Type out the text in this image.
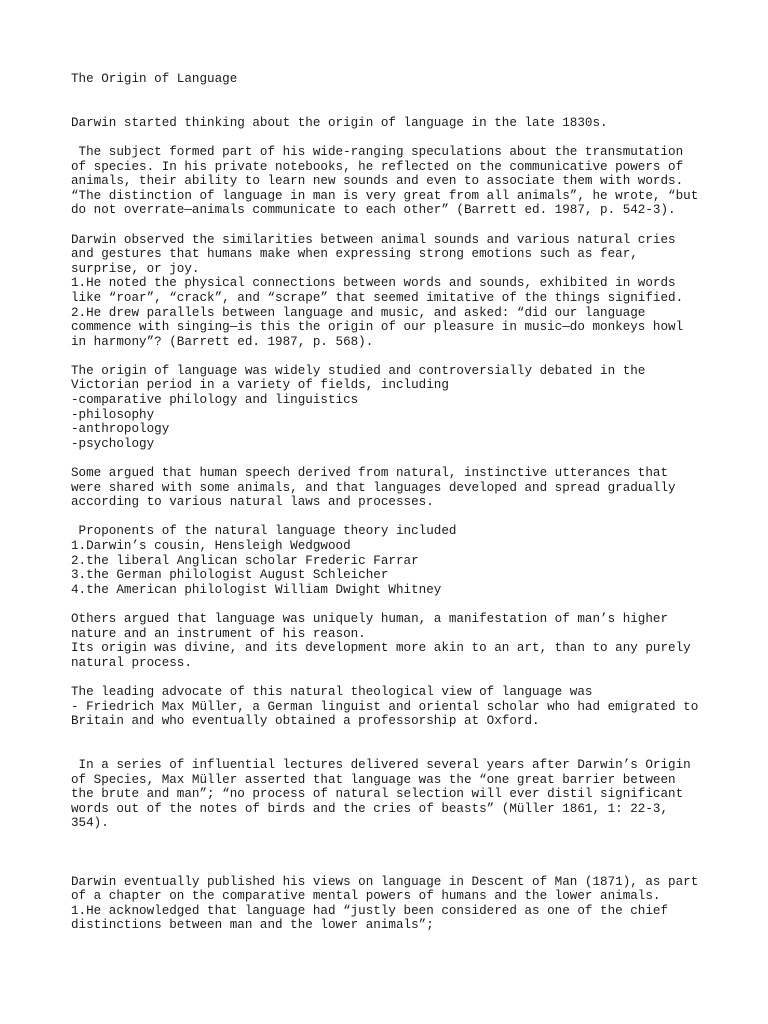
The Origin of Language
Darwin started thinking about the origin of language in the late 1830s.
The subject formed part of his wide-ranging speculations about the transmutation
of species. In his private notebooks, he reflected on the communicative powers of
animals, their ability to learn new sounds and even to associate them with words.
“The distinction of language in man is very great from all animals”, he wrote, “but
do not overrate—animals communicate to each other” (Barrett ed. 1987, p. 542-3).
Darwin observed the similarities between animal sounds and various natural cries
and gestures that humans make when expressing strong emotions such as fear,
surprise, or joy.
1.He noted the physical connections between words and sounds, exhibited in words
like “roar”, “crack”, and “scrape” that seemed imitative of the things signified.
2.He drew parallels between language and music, and asked: “did our language
commence with singing—is this the origin of our pleasure in music—do monkeys howl
in harmony”? (Barrett ed. 1987, p. 568).
The origin of language was widely studied and controversially debated in the
Victorian period in a variety of fields, including
-comparative philology and linguistics
-philosophy
-anthropology
-psychology
Some argued that human speech derived from natural, instinctive utterances that
were shared with some animals, and that languages developed and spread gradually
according to various natural laws and processes.
Proponents of the natural language theory included
1.Darwin’s cousin, Hensleigh Wedgwood
2.the liberal Anglican scholar Frederic Farrar
3.the German philologist August Schleicher
4.the American philologist William Dwight Whitney
Others argued that language was uniquely human, a manifestation of man’s higher
nature and an instrument of his reason.
Its origin was divine, and its development more akin to an art, than to any purely
natural process.
The leading advocate of this natural theological view of language was
- Friedrich Max Müller, a German linguist and oriental scholar who had emigrated to
Britain and who eventually obtained a professorship at Oxford.
In a series of influential lectures delivered several years after Darwin’s Origin
of Species, Max Müller asserted that language was the “one great barrier between
the brute and man”; “no process of natural selection will ever distil significant
words out of the notes of birds and the cries of beasts” (Müller 1861, 1: 22-3,
354).
Darwin eventually published his views on language in Descent of Man (1871), as part
of a chapter on the comparative mental powers of humans and the lower animals.
1.He acknowledged that language had “justly been considered as one of the chief
distinctions between man and the lower animals”;
